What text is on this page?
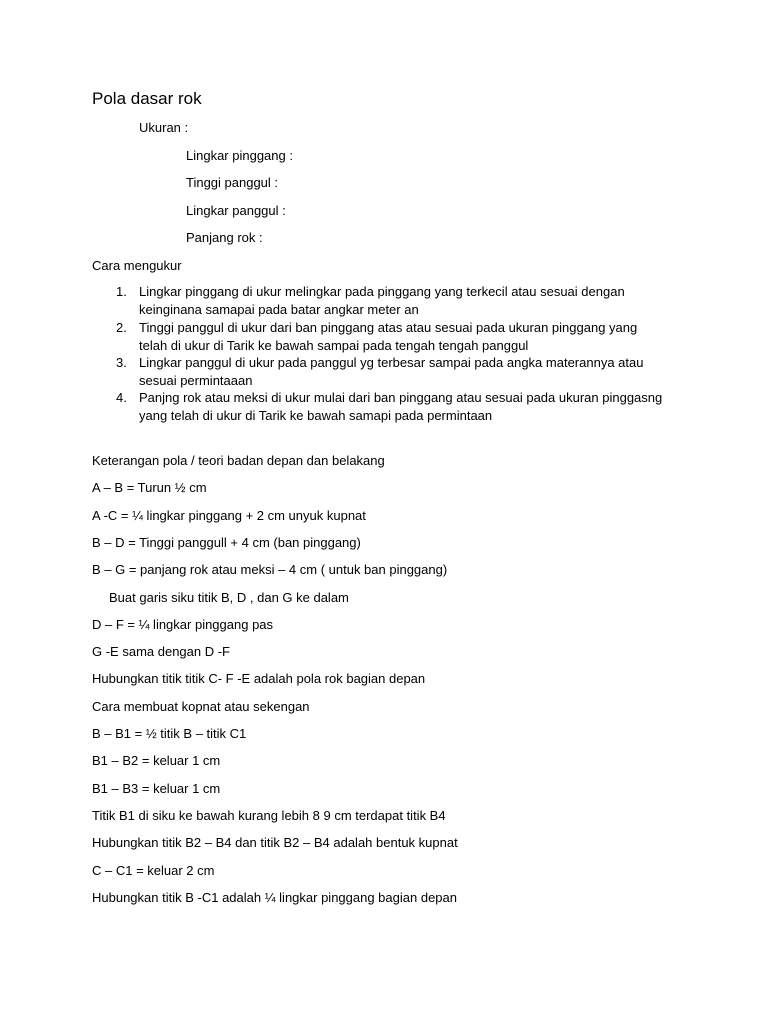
Pola dasar rok
Ukuran :
Lingkar pinggang :
Tinggi panggul :
Lingkar panggul :
Panjang rok :
Cara mengukur
1. Lingkar pinggang di ukur melingkar pada pinggang yang terkecil atau sesuai dengan keinginana samapai pada batar angkar meter an
2. Tinggi panggul di ukur dari ban pinggang atas atau sesuai pada ukuran pinggang yang telah di ukur di Tarik ke bawah sampai pada tengah tengah panggul
3. Lingkar panggul di ukur pada panggul yg terbesar sampai pada angka materannya atau sesuai permintaaan
4. Panjng rok atau meksi di ukur mulai dari ban pinggang atau sesuai pada ukuran pinggasng yang telah di ukur di Tarik ke bawah samapi pada permintaan
Keterangan pola / teori badan depan dan belakang
A – B = Turun ½ cm
A -C = ¼ lingkar pinggang + 2 cm unyuk kupnat
B – D = Tinggi panggull + 4 cm (ban pinggang)
B – G = panjang rok atau meksi – 4 cm ( untuk ban pinggang)
Buat garis siku titik B, D , dan G ke dalam
D – F = ¼ lingkar pinggang pas
G -E sama dengan D -F
Hubungkan titik titik C- F -E adalah pola rok bagian depan
Cara membuat kopnat atau sekengan
B – B1 = ½ titik B – titik C1
B1 – B2 = keluar 1 cm
B1 – B3 = keluar 1 cm
Titik B1 di siku ke bawah kurang lebih 8 9 cm terdapat titik B4
Hubungkan titik B2 – B4 dan titik B2 – B4 adalah bentuk kupnat
C – C1 = keluar 2 cm
Hubungkan titik B -C1 adalah ¼ lingkar pinggang bagian depan
